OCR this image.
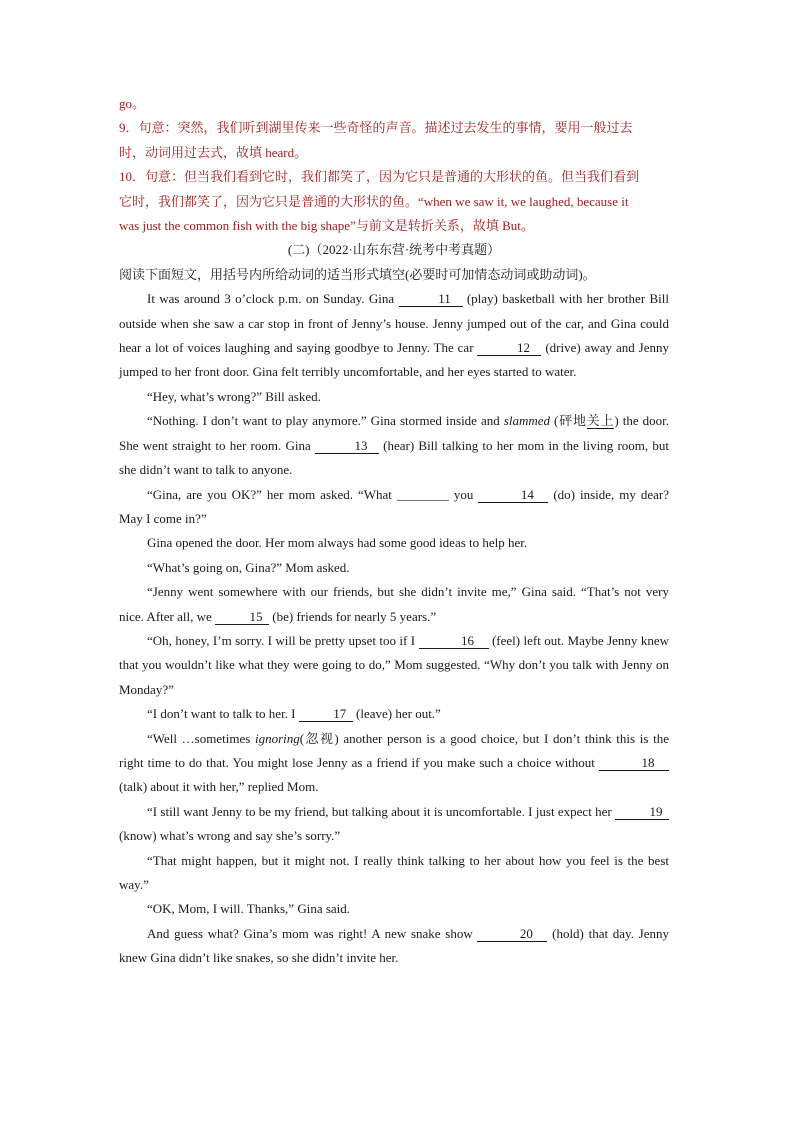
go。

9．句意：突然，我们听到湖里传来一些奇怪的声音。描述过去发生的事情，要用一般过去

时，动词用过去式，故填 heard。

10．句意：但当我们看到它时，我们都笑了，因为它只是普通的大形状的鱼。但当我们看到

它时，我们都笑了，因为它只是普通的大形状的鱼。“when we saw it, we laughed, because it

was just the common fish with the big shape”与前文是转折关系，故填 But。

(二)（2022·山东东营·统考中考真题）
阅读下面短文，用括号内所给动词的适当形式填空(必要时可加情态动词或助动词)。

It was around 3 o’clock p.m. on Sunday. Gina	11 (play) basketball with her brother Bill outside when she saw a car stop in front of Jenny’s house. Jenny jumped out of the car, and Gina could hear a lot of voices laughing and saying goodbye to Jenny. The car	12 (drive) away and Jenny jumped to her front door. Gina felt terribly uncomfortable, and her eyes started to water.

“Hey, what’s wrong?” Bill asked.

“Nothing. I don’t want to play anymore.” Gina stormed inside and slammed (砰地关上) the door. She went straight to her room. Gina	13 (hear) Bill talking to her mom in the living room, but she didn’t want to talk to anyone.

“Gina, are you OK?” her mom asked. “What ________ you	14 (do) inside, my dear? May I come in?”

Gina opened the door. Her mom always had some good ideas to help her.

“What’s going on, Gina?” Mom asked.

“Jenny went somewhere with our friends, but she didn’t invite me,” Gina said. “That’s not very nice. After all, we	15 (be) friends for nearly 5 years.”

“Oh, honey, I’m sorry. I will be pretty upset too if I	16 (feel) left out. Maybe Jenny knew that you wouldn’t like what they were going to do,” Mom suggested. “Why don’t you talk with Jenny on Monday?”

“I don’t want to talk to her. I	17 (leave) her out.”

“Well …sometimes ignoring(忽视) another person is a good choice, but I don’t think this is the right time to do that. You might lose Jenny as a friend if you make such a choice without	18 (talk) about it with her,” replied Mom.

“I still want Jenny to be my friend, but talking about it is uncomfortable. I just expect her	19 (know) what’s wrong and say she’s sorry.”

“That might happen, but it might not. I really think talking to her about how you feel is the best way.”

“OK, Mom, I will. Thanks,” Gina said.

And guess what? Gina’s mom was right! A new snake show	20 (hold) that day. Jenny knew Gina didn’t like snakes, so she didn’t invite her.
